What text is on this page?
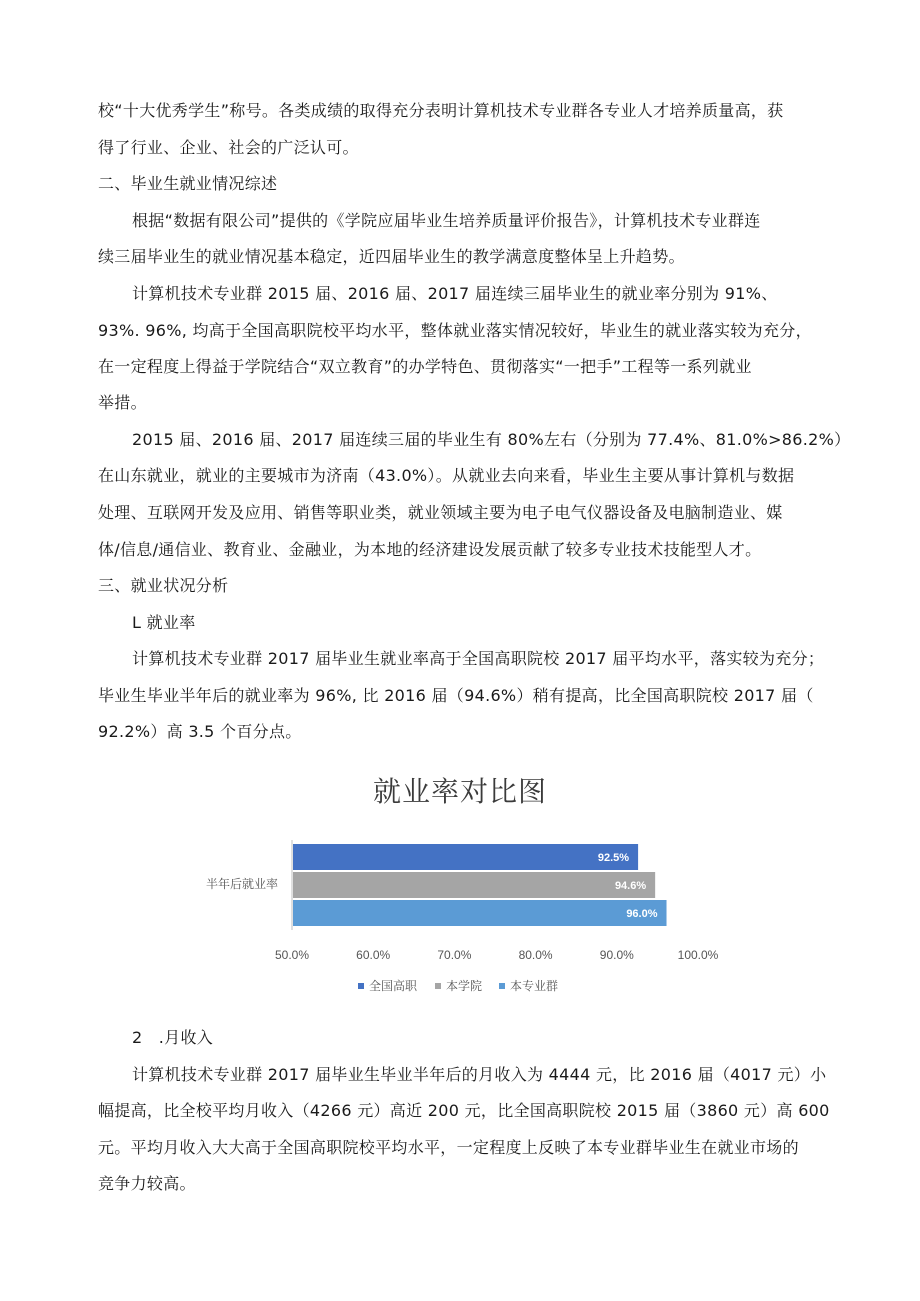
校“十大优秀学生”称号。各类成绩的取得充分表明计算机技术专业群各专业人才培养质量高，获
得了行业、企业、社会的广泛认可。
二、毕业生就业情况综述
根据“数据有限公司”提供的《学院应届毕业生培养质量评价报告》，计算机技术专业群连
续三届毕业生的就业情况基本稳定，近四届毕业生的教学满意度整体呈上升趋势。
计算机技术专业群 2015 届、2016 届、2017 届连续三届毕业生的就业率分别为 91%、
93%. 96%, 均高于全国高职院校平均水平，整体就业落实情况较好，毕业生的就业落实较为充分，
在一定程度上得益于学院结合“双立教育”的办学特色、贯彻落实“一把手”工程等一系列就业
举措。
2015 届、2016 届、2017 届连续三届的毕业生有 80%左右（分别为 77.4%、81.0%>86.2%）
在山东就业，就业的主要城市为济南（43.0%）。从就业去向来看，毕业生主要从事计算机与数据
处理、互联网开发及应用、销售等职业类，就业领域主要为电子电气仪器设备及电脑制造业、媒
体/信息/通信业、教育业、金融业，为本地的经济建设发展贡献了较多专业技术技能型人才。
三、就业状况分析
L 就业率
计算机技术专业群 2017 届毕业生就业率高于全国高职院校 2017 届平均水平，落实较为充分；
毕业生毕业半年后的就业率为 96%, 比 2016 届（94.6%）稍有提高，比全国高职院校 2017 届（
92.2%）高 3.5 个百分点。
就业率对比图
92.5%
94.6%
96.0%
半年后就业率
50.0%	60.0%	70.0%	80.0%	90.0%	100.0%
全国高职 本学院 本专业群
2　.月收入
计算机技术专业群 2017 届毕业生毕业半年后的月收入为 4444 元，比 2016 届（4017 元）小
幅提高，比全校平均月收入（4266 元）高近 200 元，比全国高职院校 2015 届（3860 元）高 600
元。平均月收入大大高于全国高职院校平均水平，一定程度上反映了本专业群毕业生在就业市场的
竞争力较高。
